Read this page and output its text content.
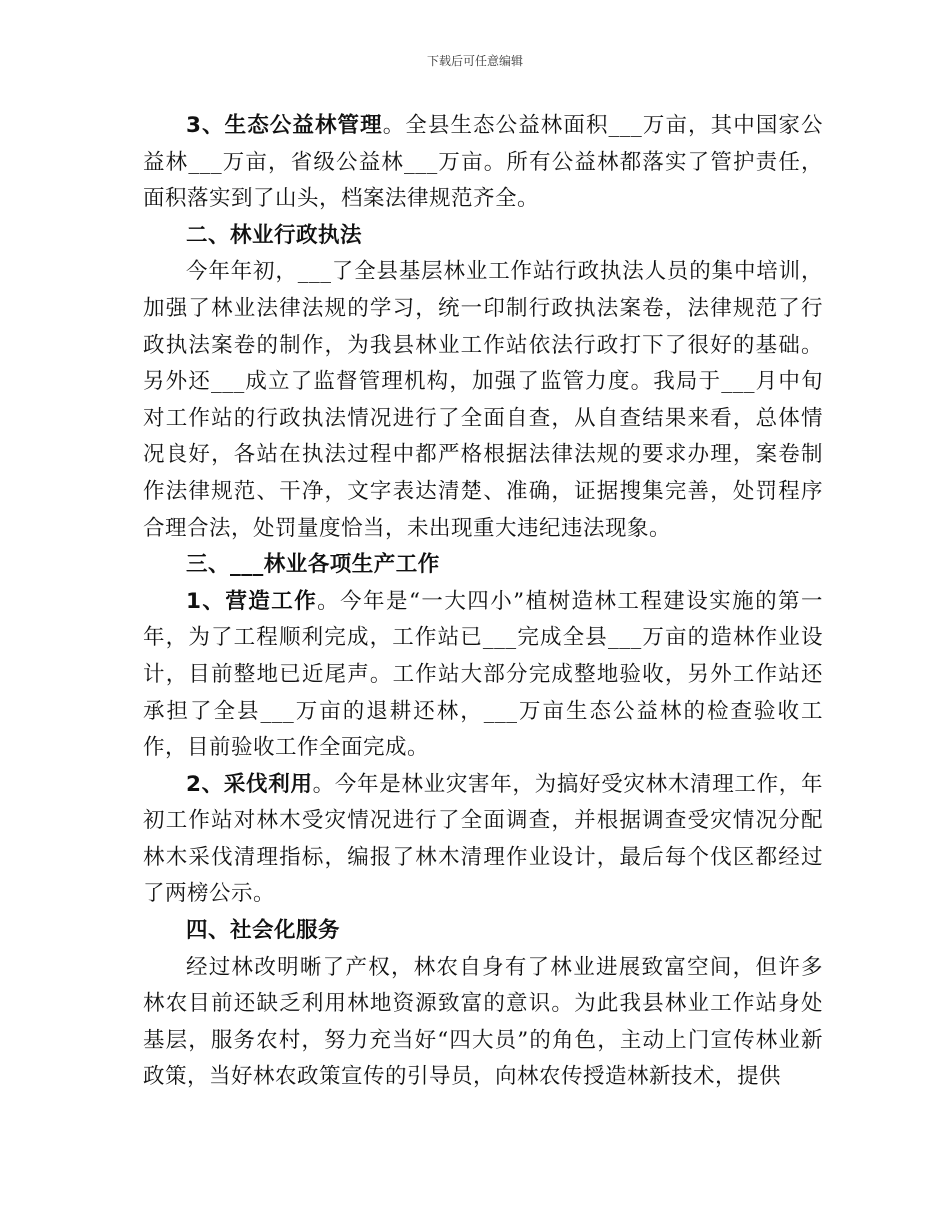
下载后可任意编辑

3、生态公益林管理。全县生态公益林面积___万亩，其中国家公益林___万亩，省级公益林___万亩。所有公益林都落实了管护责任，面积落实到了山头，档案法律规范齐全。

二、林业行政执法

今年年初，___了全县基层林业工作站行政执法人员的集中培训，加强了林业法律法规的学习，统一印制行政执法案卷，法律规范了行政执法案卷的制作，为我县林业工作站依法行政打下了很好的基础。另外还___成立了监督管理机构，加强了监管力度。我局于___月中旬对工作站的行政执法情况进行了全面自查，从自查结果来看，总体情况良好，各站在执法过程中都严格根据法律法规的要求办理，案卷制作法律规范、干净，文字表达清楚、准确，证据搜集完善，处罚程序合理合法，处罚量度恰当，未出现重大违纪违法现象。

三、___林业各项生产工作

1、营造工作。今年是“一大四小”植树造林工程建设实施的第一年，为了工程顺利完成，工作站已___完成全县___万亩的造林作业设计，目前整地已近尾声。工作站大部分完成整地验收，另外工作站还承担了全县___万亩的退耕还林，___万亩生态公益林的检查验收工作，目前验收工作全面完成。

2、采伐利用。今年是林业灾害年，为搞好受灾林木清理工作，年初工作站对林木受灾情况进行了全面调查，并根据调查受灾情况分配林木采伐清理指标，编报了林木清理作业设计，最后每个伐区都经过了两榜公示。

四、社会化服务

经过林改明晰了产权，林农自身有了林业进展致富空间，但许多林农目前还缺乏利用林地资源致富的意识。为此我县林业工作站身处基层，服务农村，努力充当好“四大员”的角色，主动上门宣传林业新政策，当好林农政策宣传的引导员，向林农传授造林新技术，提供
